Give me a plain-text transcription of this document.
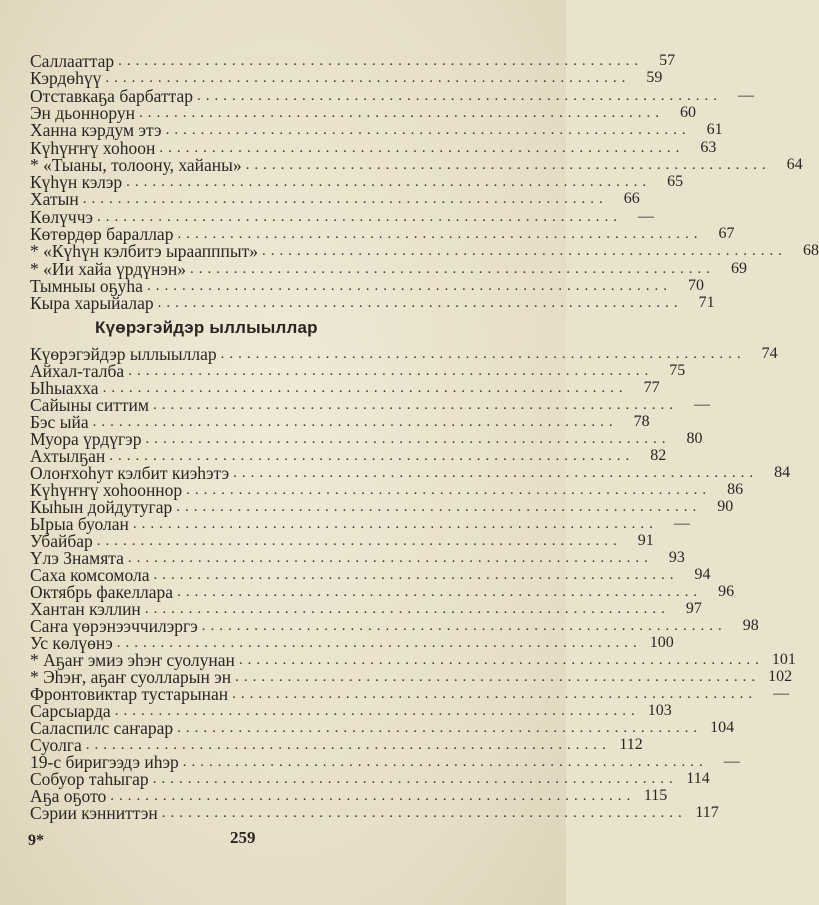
Саллааттар ............................................................	57
Кэрдөһүү ............................................................	59
Отставкаҕа барбаттар ............................................................	—
Эн дьоннорун ............................................................	60
Ханна кэрдум этэ ............................................................	61
Күһүҥҥү хоһоон ............................................................	63
* «Тыаны, толоону, хайаны» ............................................................	64
Күһүн кэлэр ............................................................	65
Хатын ............................................................	66
Көлүччэ ............................................................	—
Көтөрдөр бараллар ............................................................	67
* «Күһүн кэлбитэ ыраапппыт» ............................................................	68
* «Ии хайа үрдүнэн» ............................................................	69
Тымныы оҕуһа ............................................................	70
Кыра харыйалар ............................................................	71
Күөрэгэйдэр ыллыыллар
Күөрэгэйдэр ыллыыллар ............................................................	74
Айхал-талба ............................................................	75
Ыһыахха ............................................................	77
Сайыны ситтим ............................................................	—
Бэс ыйа ............................................................	78
Муора үрдүгэр ............................................................	80
Ахтылҕан ............................................................	82
Олоҥхоһут кэлбит киэһэтэ ............................................................	84
Күһүҥҥү хоһооннор ............................................................	86
Кыһын дойдутугар ............................................................	90
Ырыа буолан ............................................................	—
Убайбар ............................................................	91
Үлэ Знамята ............................................................	93
Саха комсомола ............................................................	94
Октябрь факеллара ............................................................	96
Хантан кэллин ............................................................	97
Саҥа үөрэнээччилэргэ ............................................................	98
Ус көлүөнэ ............................................................ 100
* Аҕаҥ эмиэ эһэҥ суолунан ............................................................ 101
* Эһэҥ, аҕаҥ суолларын эн ............................................................ 102
Фронтовиктар тустарынан ............................................................	—
Сарсыарда ............................................................ 103
Саласпилс саҥарар ............................................................ 104
Суолга ............................................................ 112
19-с биригээдэ иһэр ............................................................	—
Собуор таһыгар ............................................................ 114
Аҕа оҕото ............................................................ 115
Сэрии кэнниттэн ............................................................ 117
9*	259
